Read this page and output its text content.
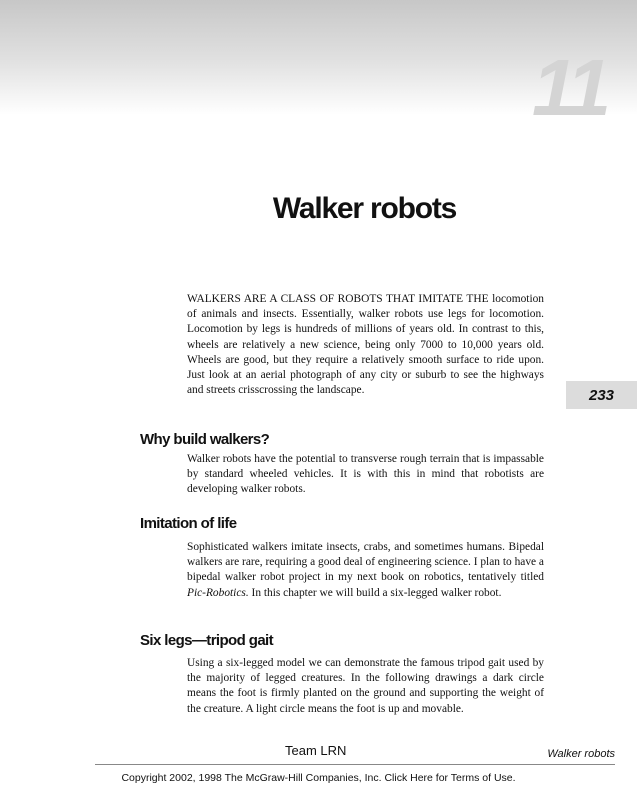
11
Walker robots
233

WALKERS ARE A CLASS OF ROBOTS THAT IMITATE THE locomotion of animals and insects. Essentially, walker robots use legs for locomotion. Locomotion by legs is hundreds of millions of years old. In contrast to this, wheels are relatively a new science, being only 7000 to 10,000 years old. Wheels are good, but they require a relatively smooth surface to ride upon. Just look at an aerial photograph of any city or suburb to see the highways and streets crisscrossing the landscape.

Why build walkers?

Walker robots have the potential to transverse rough terrain that is impassable by standard wheeled vehicles. It is with this in mind that robotists are developing walker robots.

Imitation of life

Sophisticated walkers imitate insects, crabs, and sometimes humans. Bipedal walkers are rare, requiring a good deal of engineering science. I plan to have a bipedal walker robot project in my next book on robotics, tentatively titled Pic-Robotics. In this chapter we will build a six-legged walker robot.

Six legs—tripod gait

Using a six-legged model we can demonstrate the famous tripod gait used by the majority of legged creatures. In the following drawings a dark circle means the foot is firmly planted on the ground and supporting the weight of the creature. A light circle means the foot is up and movable.

Team LRN	Walker robots
Copyright 2002, 1998 The McGraw-Hill Companies, Inc. Click Here for Terms of Use.
